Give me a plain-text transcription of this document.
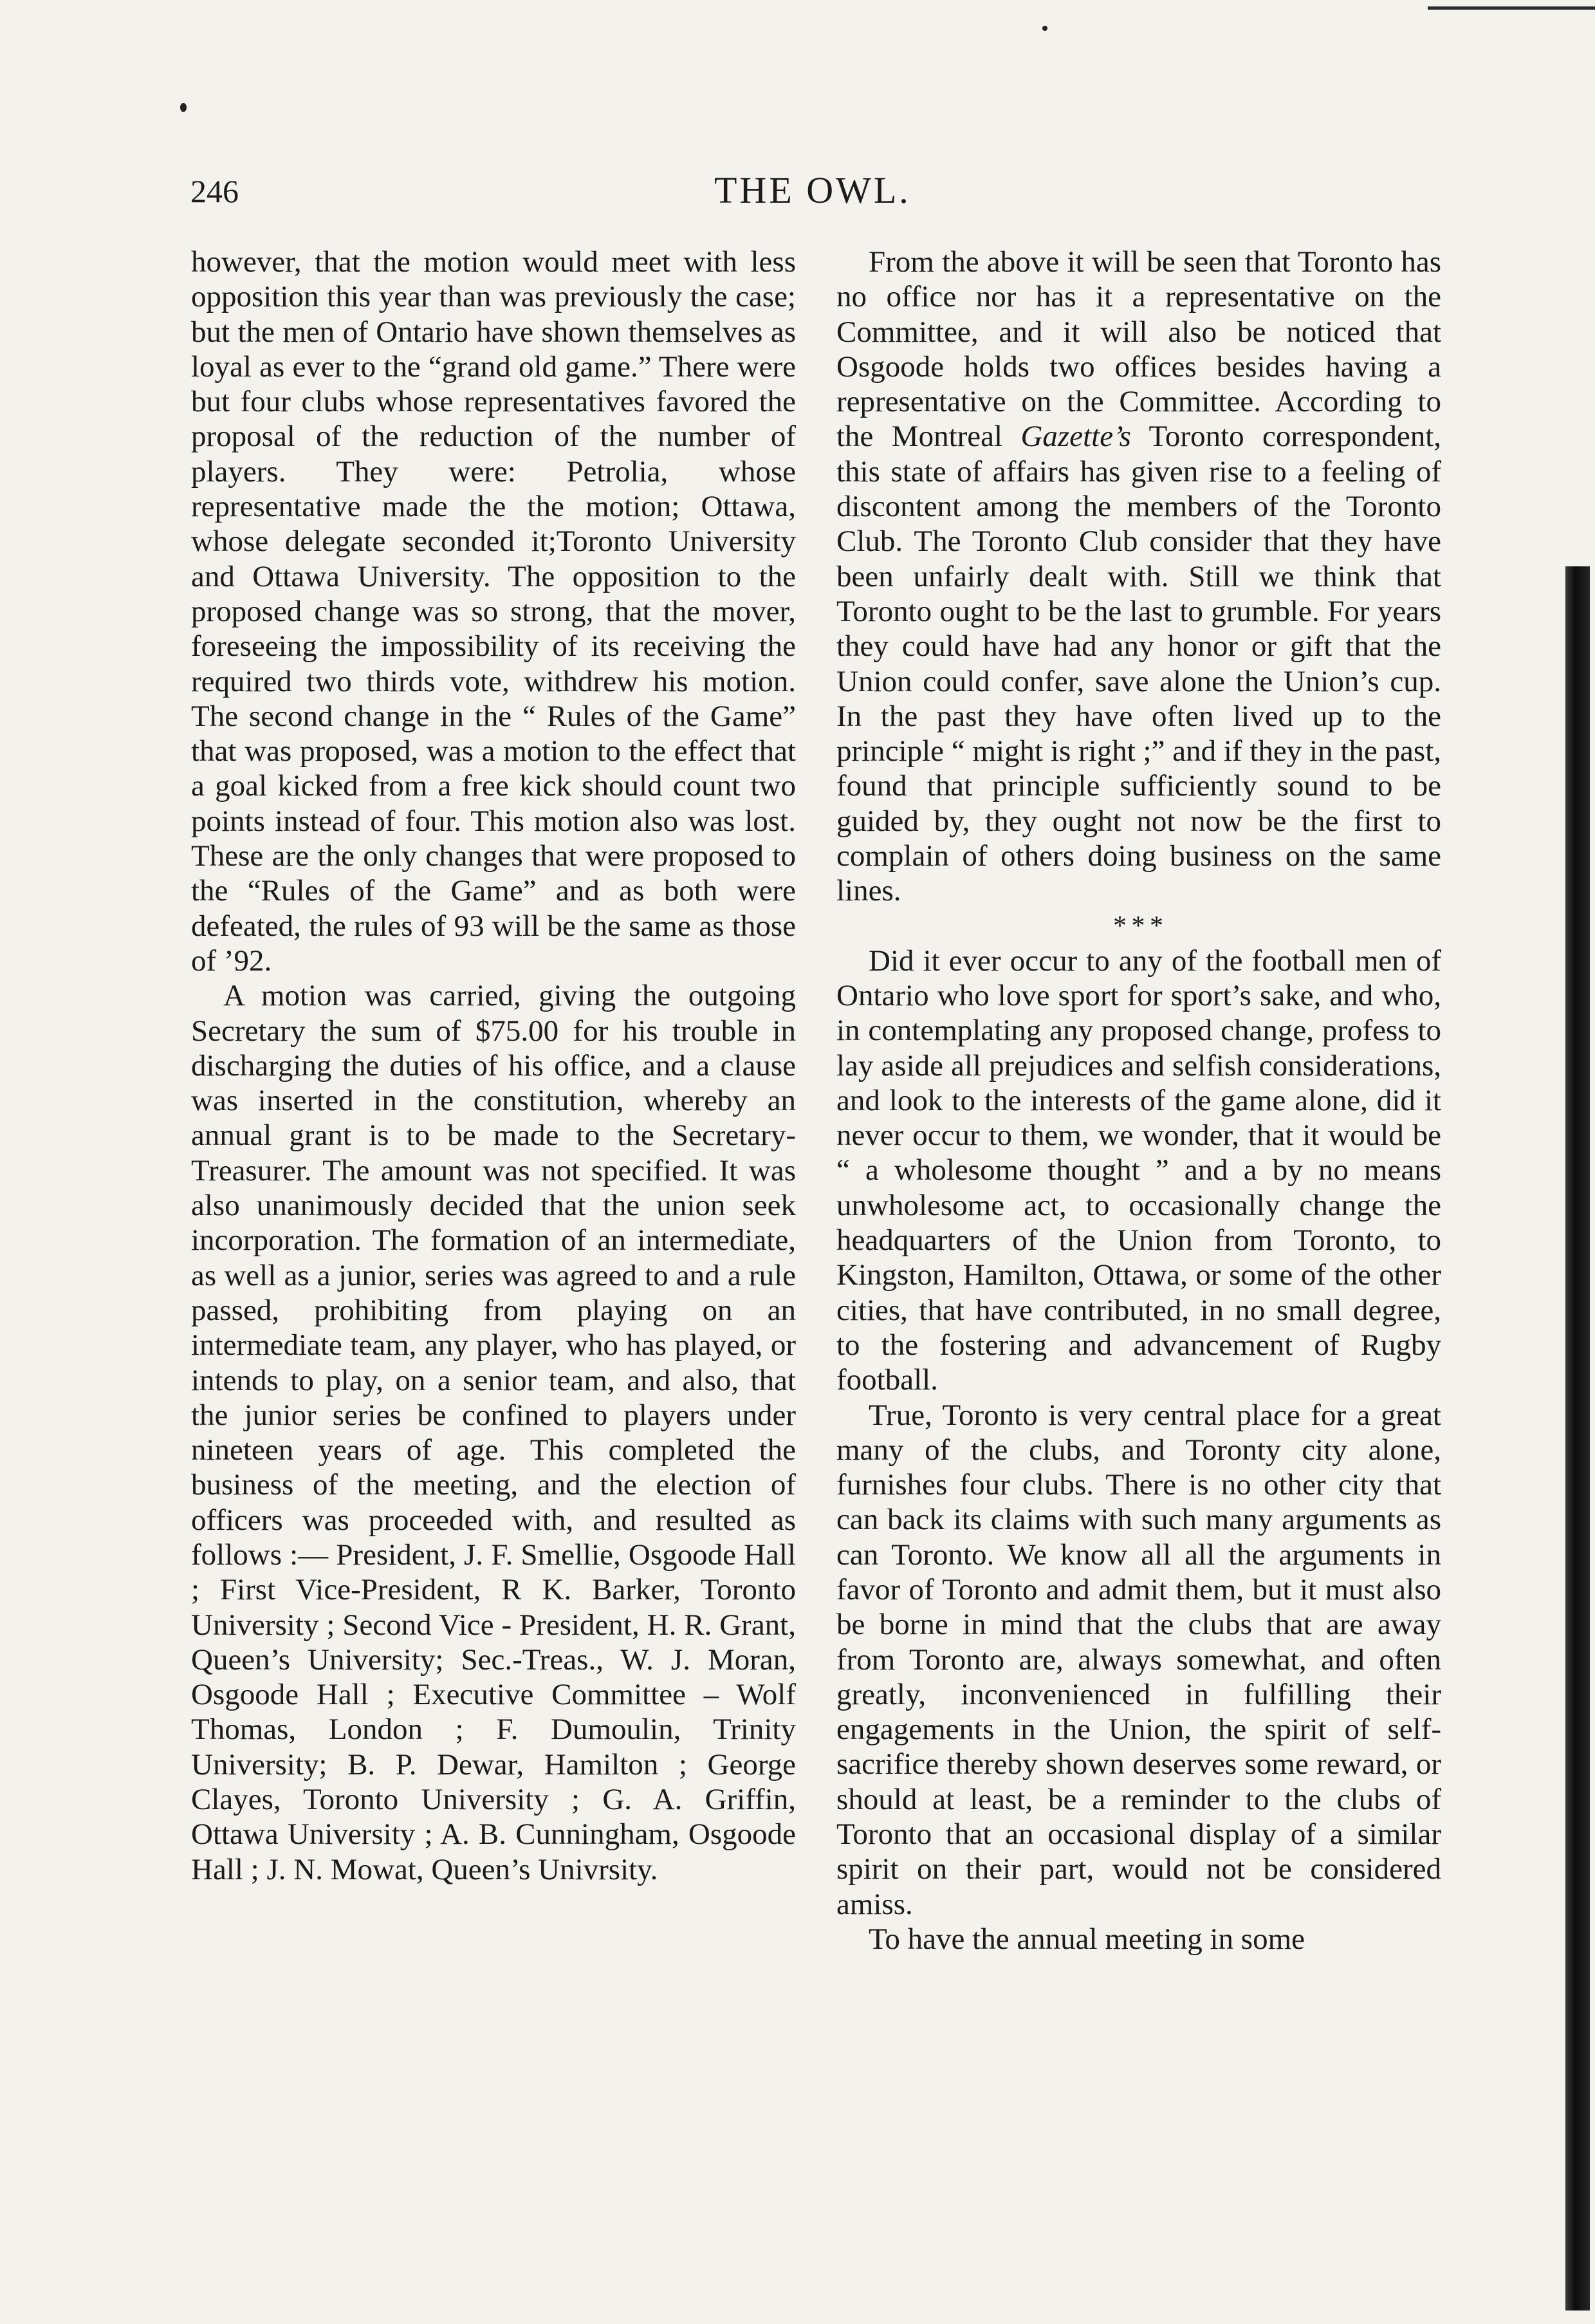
246	THE OWL.

however, that the motion would meet with less opposition this year than was previously the case; but the men of Ontario have shown themselves as loyal as ever to the “grand old game.” There were but four clubs whose representatives favored the proposal of the reduction of the number of players. They were: Petrolia, whose representative made the the motion; Ottawa, whose delegate seconded it;Toronto University and Ottawa University. The opposition to the proposed change was so strong, that the mover, foreseeing the impossibility of its receiving the required two thirds vote, withdrew his motion. The second change in the “ Rules of the Game” that was proposed, was a motion to the effect that a goal kicked from a free kick should count two points instead of four. This motion also was lost. These are the only changes that were proposed to the “Rules of the Game” and as both were defeated, the rules of 93 will be the same as those of ’92.

A motion was carried, giving the outgoing Secretary the sum of $75.00 for his trouble in discharging the duties of his office, and a clause was inserted in the constitution, whereby an annual grant is to be made to the Secretary-Treasurer. The amount was not specified. It was also unanimously decided that the union seek incorporation. The formation of an intermediate, as well as a junior, series was agreed to and a rule passed, prohibiting from playing on an intermediate team, any player, who has played, or intends to play, on a senior team, and also, that the junior series be confined to players under nineteen years of age. This completed the business of the meeting, and the election of officers was proceeded with, and resulted as follows :— President, J. F. Smellie, Osgoode Hall ; First Vice-President, R K. Barker, Toronto University ; Second Vice - President, H. R. Grant, Queen’s University; Sec.-Treas., W. J. Moran, Osgoode Hall ; Executive Committee – Wolf Thomas, London ; F. Dumoulin, Trinity University; B. P. Dewar, Hamilton ; George Clayes, Toronto University ; G. A. Griffin, Ottawa University ; A. B. Cunningham, Osgoode Hall ; J. N. Mowat, Queen’s Univrsity.

From the above it will be seen that Toronto has no office nor has it a representative on the Committee, and it will also be noticed that Osgoode holds two offices besides having a representative on the Committee. According to the Montreal Gazette’s Toronto correspondent, this state of affairs has given rise to a feeling of discontent among the members of the Toronto Club. The Toronto Club consider that they have been unfairly dealt with. Still we think that Toronto ought to be the last to grumble. For years they could have had any honor or gift that the Union could confer, save alone the Union’s cup. In the past they have often lived up to the principle “ might is right ;” and if they in the past, found that principle sufficiently sound to be guided by, they ought not now be the first to complain of others doing business on the same lines.

* * *

Did it ever occur to any of the football men of Ontario who love sport for sport’s sake, and who, in contemplating any proposed change, profess to lay aside all prejudices and selfish considerations, and look to the interests of the game alone, did it never occur to them, we wonder, that it would be “ a wholesome thought ” and a by no means unwholesome act, to occasionally change the headquarters of the Union from Toronto, to Kingston, Hamilton, Ottawa, or some of the other cities, that have contributed, in no small degree, to the fostering and advancement of Rugby football.

True, Toronto is very central place for a great many of the clubs, and Toronty city alone, furnishes four clubs. There is no other city that can back its claims with such many arguments as can Toronto. We know all all the arguments in favor of Toronto and admit them, but it must also be borne in mind that the clubs that are away from Toronto are, always somewhat, and often greatly, inconvenienced in fulfilling their engagements in the Union, the spirit of self-sacrifice thereby shown deserves some reward, or should at least, be a reminder to the clubs of Toronto that an occasional display of a similar spirit on their part, would not be considered amiss.

To have the annual meeting in some
